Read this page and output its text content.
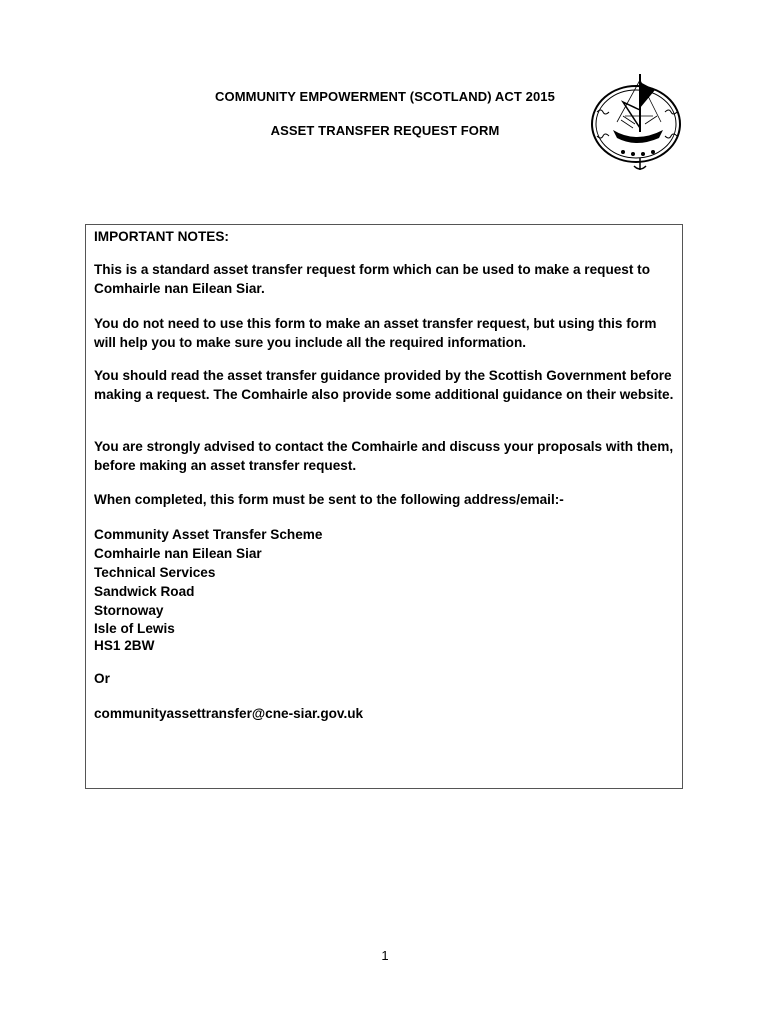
COMMUNITY EMPOWERMENT (SCOTLAND) ACT 2015
ASSET TRANSFER REQUEST FORM

IMPORTANT NOTES:

This is a standard asset transfer request form which can be used to make a request to Comhairle nan Eilean Siar.

You do not need to use this form to make an asset transfer request, but using this form will help you to make sure you include all the required information.

You should read the asset transfer guidance provided by the Scottish Government before making a request. The Comhairle also provide some additional guidance on their website.

You are strongly advised to contact the Comhairle and discuss your proposals with them, before making an asset transfer request.

When completed, this form must be sent to the following address/email:-

Community Asset Transfer Scheme
Comhairle nan Eilean Siar
Technical Services
Sandwick Road
Stornoway
Isle of Lewis
HS1 2BW

Or

communityassettransfer@cne-siar.gov.uk

1
